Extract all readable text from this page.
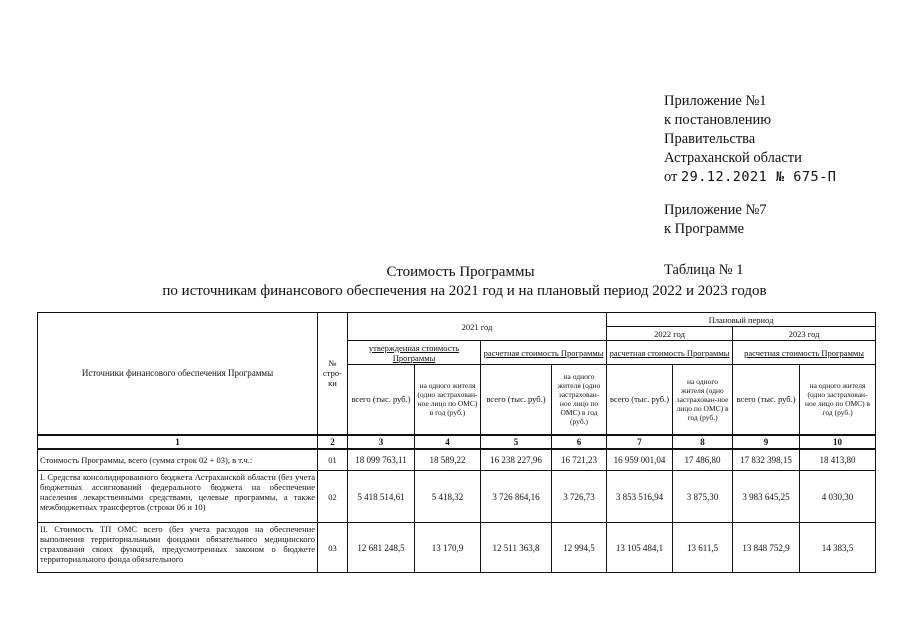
Приложение №1
к постановлению
Правительства
Астраханской области
от 29.12.2021 № 675-П
Приложение №7
к Программе
Таблица № 1
Стоимость Программы
по источникам финансового обеспечения на 2021 год и на плановый период 2022 и 2023 годов
Источники финансового обеспечения Программы	№ стро-ки	2021 год				Плановый период			
						2022 год		2023 год	
		утвержденная стоимость Программы		расчетная стоимость Программы		расчетная стоимость Программы		расчетная стоимость Программы	
		всего (тыс. руб.)	на одного жителя (одно застрахован-ное лицо по ОМС) в год (руб.)	всего (тыс. руб.)	на одного жителя (одно застрахован-ное лицо по ОМС) в год (руб.)	всего (тыс. руб.)	на одного жителя (одно застрахован-ное лицо по ОМС) в год (руб.)	всего (тыс. руб.)	на одного жителя (одно застрахован-ное лицо по ОМС) в год (руб.)
1	2	3	4	5	6	7	8	9	10
Стоимость Программы, всего (сумма строк 02 + 03), в т.ч.:	01	18 099 763,11	18 589,22	16 238 227,96	16 721,23	16 959 001,04	17 486,80	17 832 398,15	18 413,80
I. Средства консолидированного бюджета Астраханской области (без учета бюджетных ассигнований федерального бюджета на обеспечение населения лекарственными средствами, целевые программы, а также межбюджетных трансфертов (строки 06 и 10)	02	5 418 514,61	5 418,32	3 726 864,16	3 726,73	3 853 516,94	3 875,30	3 983 645,25	4 030,30
II. Стоимость ТП ОМС всего (без учета расходов на обеспечение выполнения территориальными фондами обязательного медицинского страхования своих функций, предусмотренных законом о бюджете территориального фонда обязательного	03	12 681 248,5	13 170,9	12 511 363,8	12 994,5	13 105 484,1	13 611,5	13 848 752,9	14 383,5
